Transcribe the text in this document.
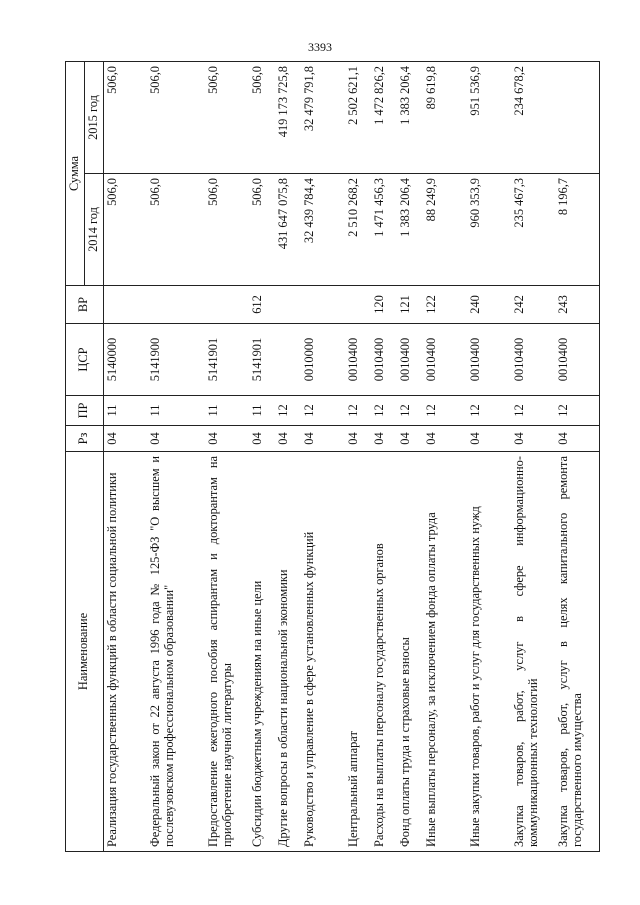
3393
Наименование	Рз	ПР	ЦСР	ВР	Сумма	
					2014 год	2015 год
Реализация государственных функций в области социальной политики	04	11	5140000		506,0	506,0
Федеральный закон от 22 августа 1996 года № 125-ФЗ "О высшем и послевузовском профессиональном образовании"	04	11	5141900		506,0	506,0
Предоставление ежегодного пособия аспирантам и докторантам на приобретение научной литературы	04	11	5141901		506,0	506,0
Субсидии бюджетным учреждениям на иные цели	04	11	5141901	612	506,0	506,0
Другие вопросы в области национальной экономики	04	12			431 647 075,8	419 173 725,8
Руководство и управление в сфере установленных функций	04	12	0010000		32 439 784,4	32 479 791,8
Центральный аппарат	04	12	0010400		2 510 268,2	2 502 621,1
Расходы на выплаты персоналу государственных органов	04	12	0010400	120	1 471 456,3	1 472 826,2
Фонд оплаты труда и страховые взносы	04	12	0010400	121	1 383 206,4	1 383 206,4
Иные выплаты персоналу, за исключением фонда оплаты труда	04	12	0010400	122	88 249,9	89 619,8
Иные закупки товаров, работ и услуг для государственных нужд	04	12	0010400	240	960 353,9	951 536,9
Закупка товаров, работ, услуг в сфере информационно-коммуникационных технологий	04	12	0010400	242	235 467,3	234 678,2
Закупка товаров, работ, услуг в целях капитального ремонта государственного имущества	04	12	0010400	243	8 196,7	
